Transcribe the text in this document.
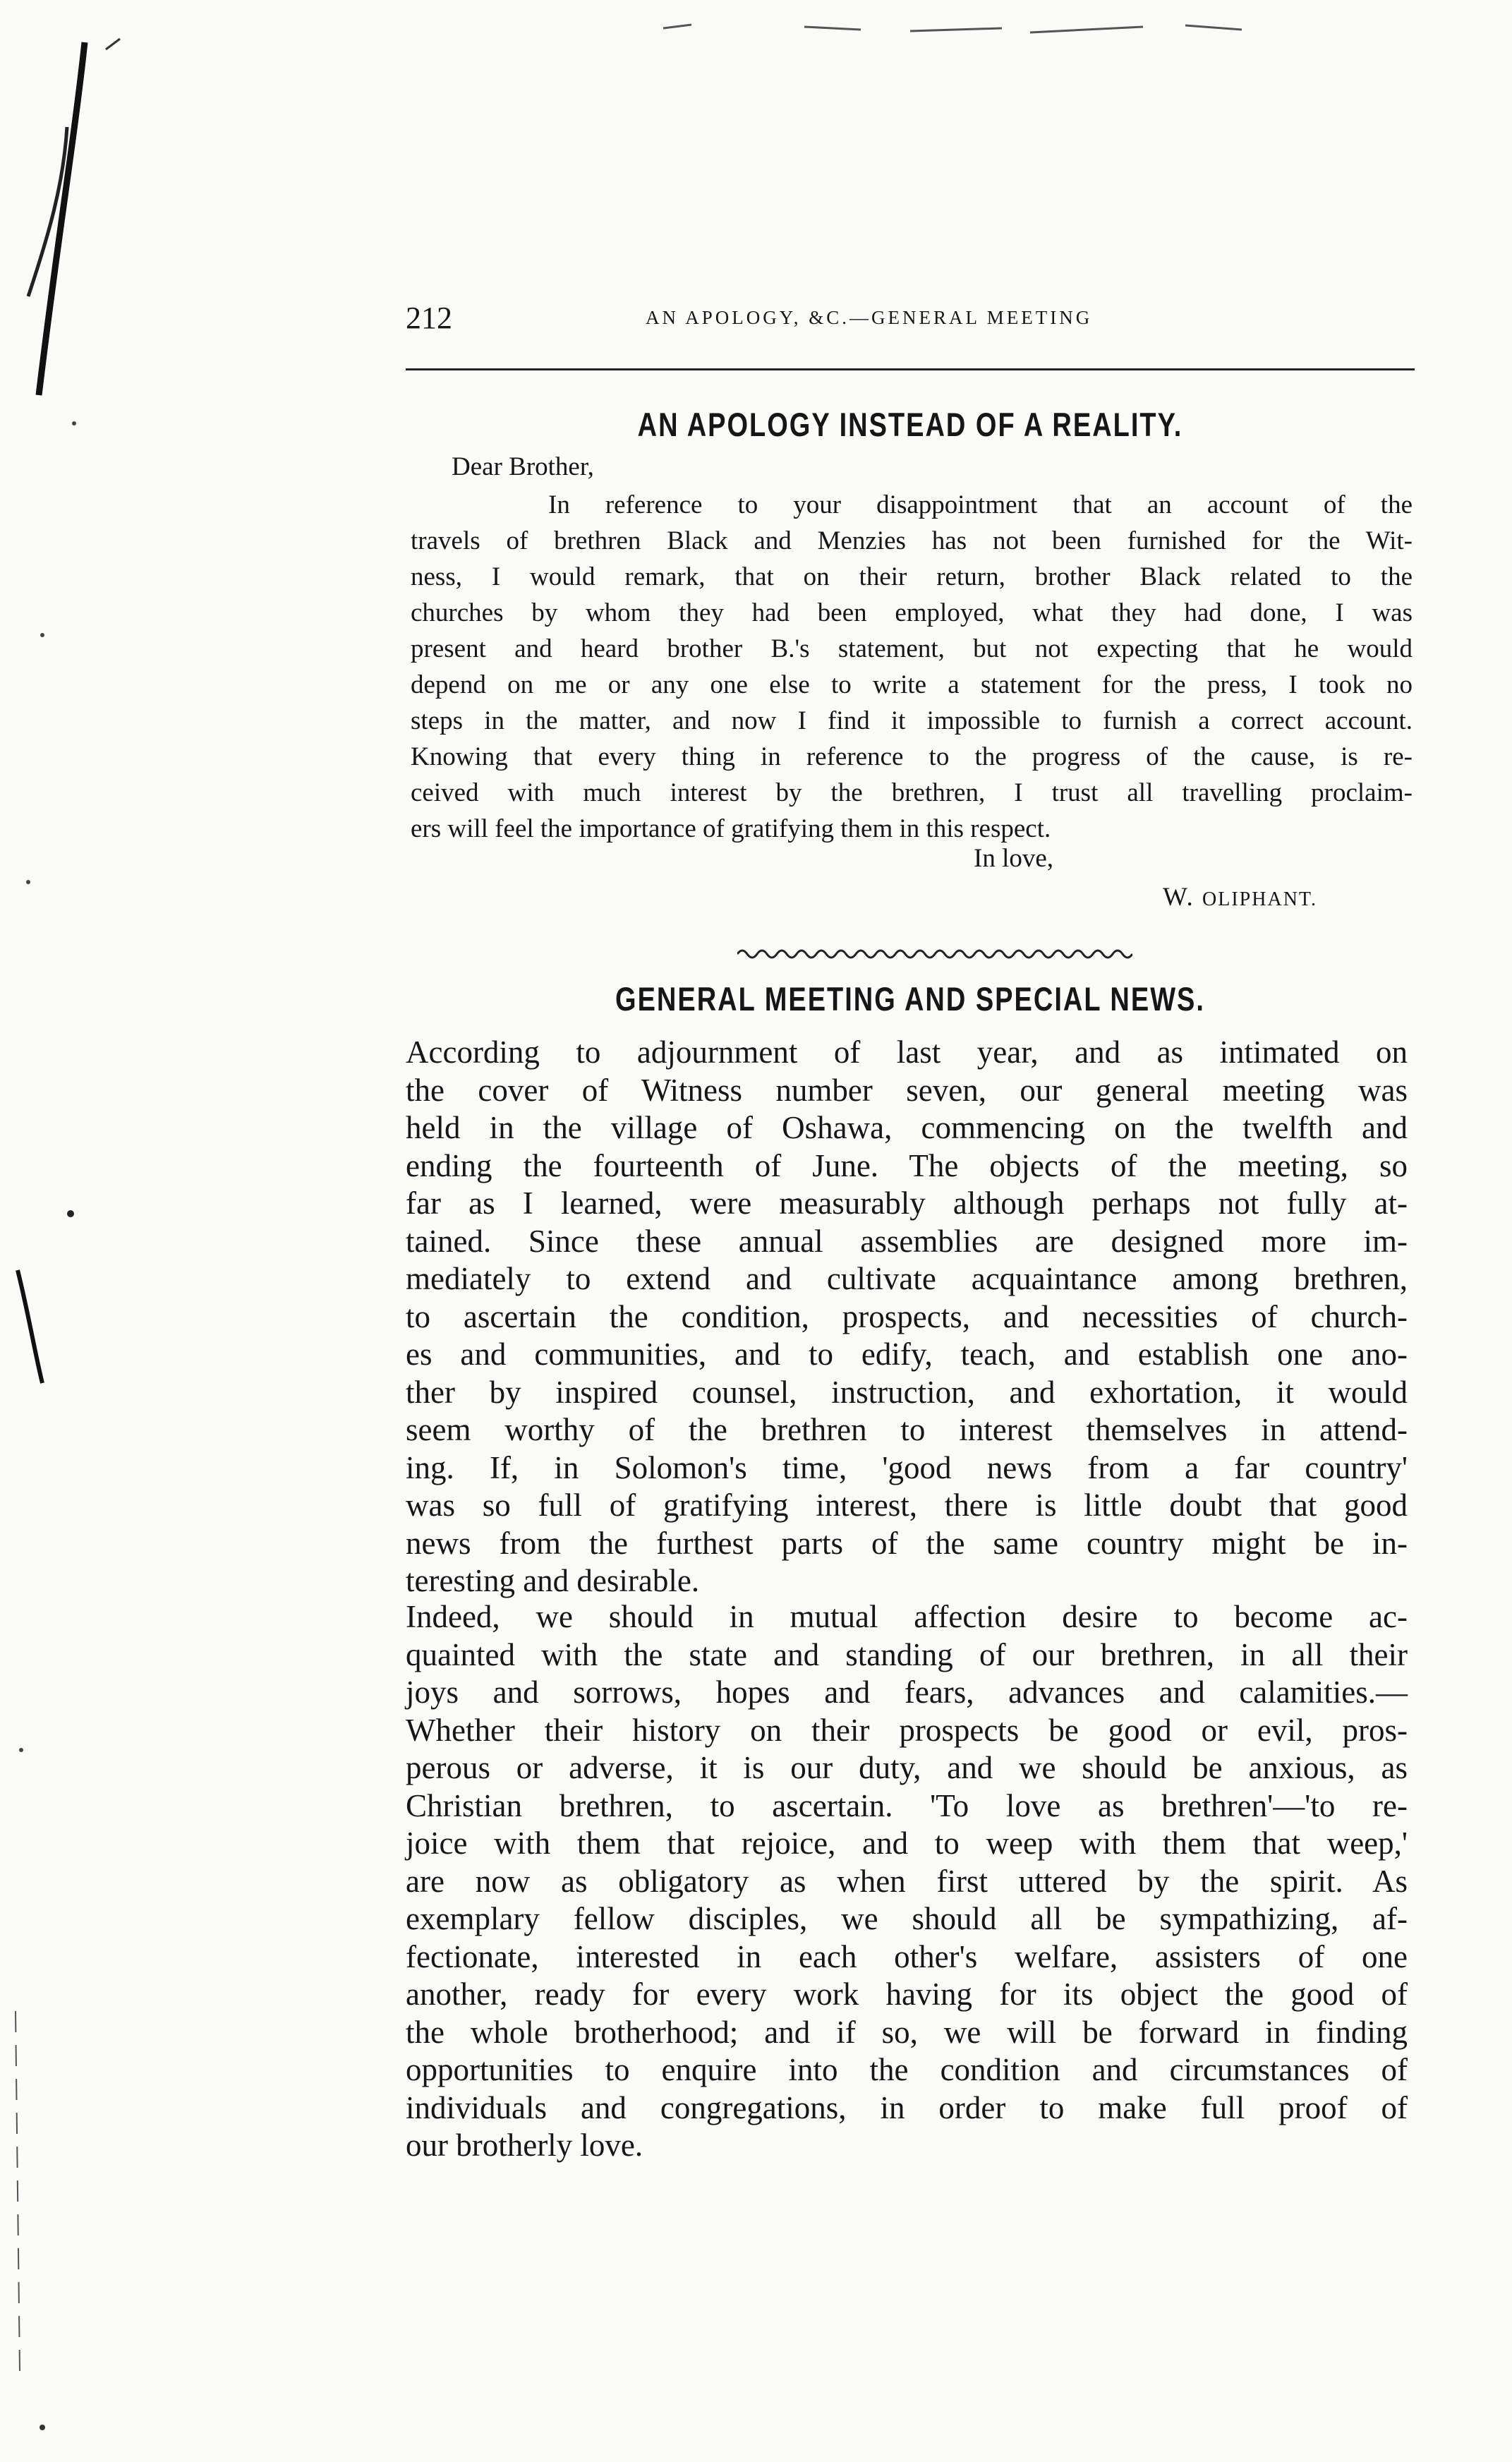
212	AN APOLOGY, &C.—GENERAL MEETING
AN APOLOGY INSTEAD OF A REALITY.
Dear Brother,
In reference to your disappointment that an account of the
travels of brethren Black and Menzies has not been furnished for the Wit-
ness, I would remark, that on their return, brother Black related to the
churches by whom they had been employed, what they had done, I was
present and heard brother B.'s statement, but not expecting that he would
depend on me or any one else to write a statement for the press, I took no
steps in the matter, and now I find it impossible to furnish a correct account.
Knowing that every thing in reference to the progress of the cause, is re-
ceived with much interest by the brethren, I trust all travelling proclaim-
ers will feel the importance of gratifying them in this respect.
In love,
W. OLIPHANT.
GENERAL MEETING AND SPECIAL NEWS.
According to adjournment of last year, and as intimated on
the cover of Witness number seven, our general meeting was
held in the village of Oshawa, commencing on the twelfth and
ending the fourteenth of June. The objects of the meeting, so
far as I learned, were measurably although perhaps not fully at-
tained. Since these annual assemblies are designed more im-
mediately to extend and cultivate acquaintance among brethren,
to ascertain the condition, prospects, and necessities of church-
es and communities, and to edify, teach, and establish one ano-
ther by inspired counsel, instruction, and exhortation, it would
seem worthy of the brethren to interest themselves in attend-
ing. If, in Solomon's time, 'good news from a far country'
was so full of gratifying interest, there is little doubt that good
news from the furthest parts of the same country might be in-
teresting and desirable.
Indeed, we should in mutual affection desire to become ac-
quainted with the state and standing of our brethren, in all their
joys and sorrows, hopes and fears, advances and calamities.—
Whether their history on their prospects be good or evil, pros-
perous or adverse, it is our duty, and we should be anxious, as
Christian brethren, to ascertain. 'To love as brethren'—'to re-
joice with them that rejoice, and to weep with them that weep,'
are now as obligatory as when first uttered by the spirit. As
exemplary fellow disciples, we should all be sympathizing, af-
fectionate, interested in each other's welfare, assisters of one
another, ready for every work having for its object the good of
the whole brotherhood; and if so, we will be forward in finding
opportunities to enquire into the condition and circumstances of
individuals and congregations, in order to make full proof of
our brotherly love.
